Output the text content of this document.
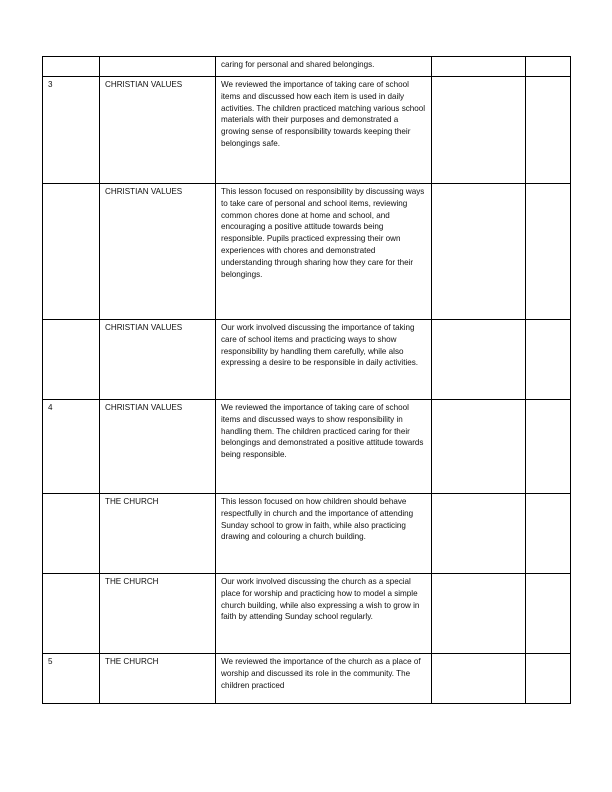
		caring for personal and shared belongings.		
3	CHRISTIAN VALUES	We reviewed the importance of taking care of school items and discussed how each item is used in daily activities. The children practiced matching various school materials with their purposes and demonstrated a growing sense of responsibility towards keeping their belongings safe.		
	CHRISTIAN VALUES	This lesson focused on responsibility by discussing ways to take care of personal and school items, reviewing common chores done at home and school, and encouraging a positive attitude towards being responsible. Pupils practiced expressing their own experiences with chores and demonstrated understanding through sharing how they care for their belongings.		
	CHRISTIAN VALUES	Our work involved discussing the importance of taking care of school items and practicing ways to show responsibility by handling them carefully, while also expressing a desire to be responsible in daily activities.		
4	CHRISTIAN VALUES	We reviewed the importance of taking care of school items and discussed ways to show responsibility in handling them. The children practiced caring for their belongings and demonstrated a positive attitude towards being responsible.		
	THE CHURCH	This lesson focused on how children should behave respectfully in church and the importance of attending Sunday school to grow in faith, while also practicing drawing and colouring a church building.		
	THE CHURCH	Our work involved discussing the church as a special place for worship and practicing how to model a simple church building, while also expressing a wish to grow in faith by attending Sunday school regularly.		
5	THE CHURCH	We reviewed the importance of the church as a place of worship and discussed its role in the community. The children practiced		
